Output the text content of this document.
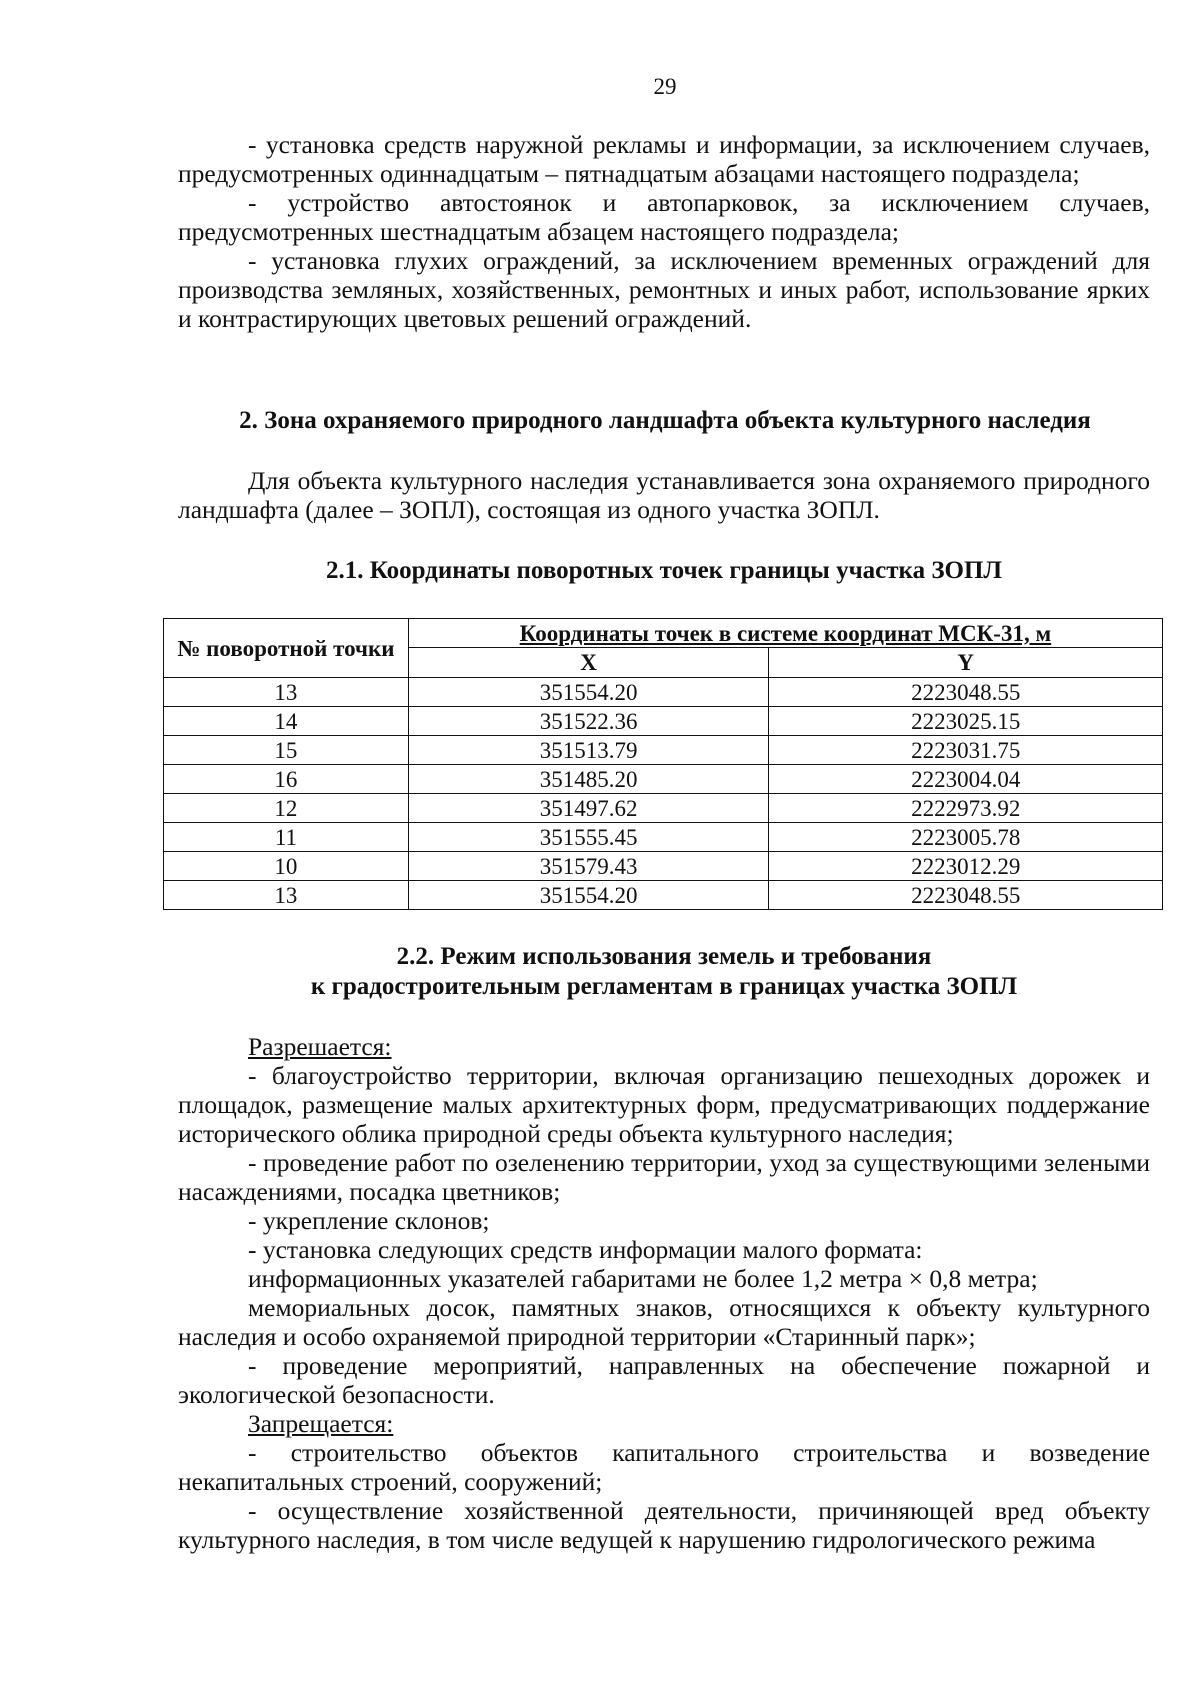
29
- установка средств наружной рекламы и информации, за исключением случаев, предусмотренных одиннадцатым – пятнадцатым абзацами настоящего подраздела;
- устройство автостоянок и автопарковок, за исключением случаев, предусмотренных шестнадцатым абзацем настоящего подраздела;
- установка глухих ограждений, за исключением временных ограждений для производства земляных, хозяйственных, ремонтных и иных работ, использование ярких и контрастирующих цветовых решений ограждений.
2. Зона охраняемого природного ландшафта объекта культурного наследия
Для объекта культурного наследия устанавливается зона охраняемого природного ландшафта (далее – ЗОПЛ), состоящая из одного участка ЗОПЛ.
2.1. Координаты поворотных точек границы участка ЗОПЛ
№ поворотной точки	Координаты точек в системе координат МСК-31, м	
	X	Y
13	351554.20	2223048.55
14	351522.36	2223025.15
15	351513.79	2223031.75
16	351485.20	2223004.04
12	351497.62	2222973.92
11	351555.45	2223005.78
10	351579.43	2223012.29
13	351554.20	2223048.55
2.2. Режим использования земель и требования
к градостроительным регламентам в границах участка ЗОПЛ
Разрешается:
- благоустройство территории, включая организацию пешеходных дорожек и площадок, размещение малых архитектурных форм, предусматривающих поддержание исторического облика природной среды объекта культурного наследия;
- проведение работ по озеленению территории, уход за существующими зелеными насаждениями, посадка цветников;
- укрепление склонов;
- установка следующих средств информации малого формата:
информационных указателей габаритами не более 1,2 метра × 0,8 метра;
мемориальных досок, памятных знаков, относящихся к объекту культурного наследия и особо охраняемой природной территории «Старинный парк»;
- проведение мероприятий, направленных на обеспечение пожарной и экологической безопасности.
Запрещается:
- строительство объектов капитального строительства и возведение некапитальных строений, сооружений;
- осуществление хозяйственной деятельности, причиняющей вред объекту культурного наследия, в том числе ведущей к нарушению гидрологического режима
